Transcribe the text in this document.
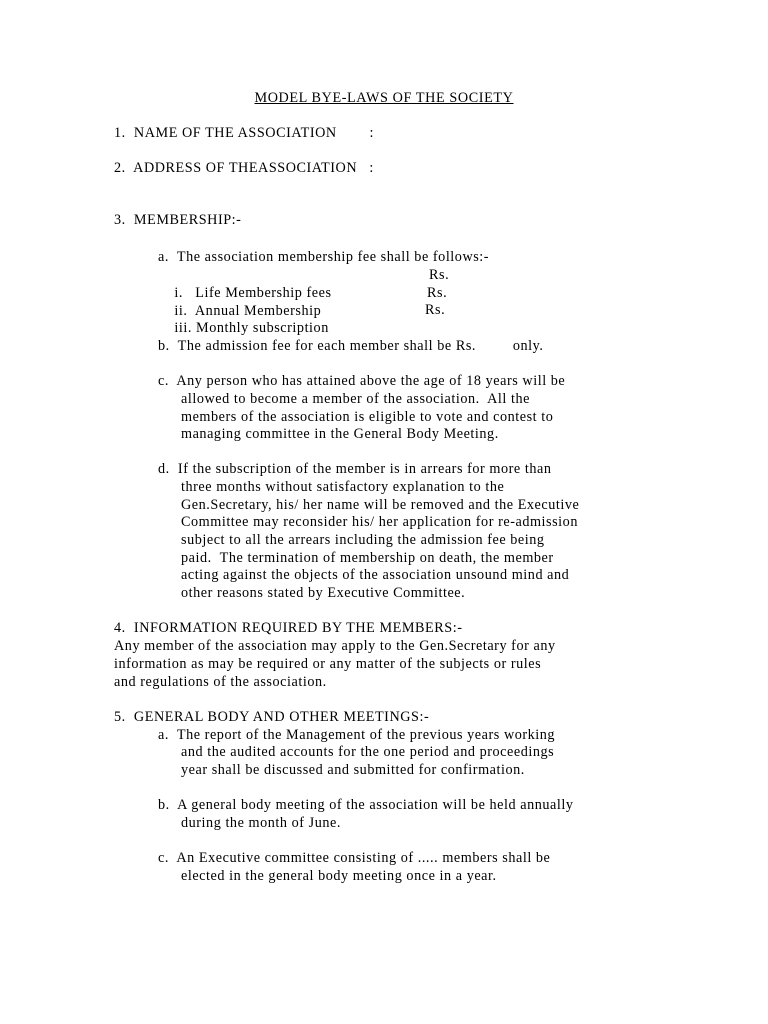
MODEL BYE-LAWS OF THE SOCIETY
1.  NAME OF THE ASSOCIATION        :
2.  ADDRESS OF THEASSOCIATION   :
3.  MEMBERSHIP:-
a.  The association membership fee shall be follows:-

i.   Life Membership fees

Rs.

ii.  Annual Membership

Rs.

iii. Monthly subscription

Rs.
b.  The admission fee for each member shall be Rs.         only.
c.  Any person who has attained above the age of 18 years will be
allowed to become a member of the association.  All the
members of the association is eligible to vote and contest to
managing committee in the General Body Meeting.
d.  If the subscription of the member is in arrears for more than
three months without satisfactory explanation to the
Gen.Secretary, his/ her name will be removed and the Executive
Committee may reconsider his/ her application for re-admission
subject to all the arrears including the admission fee being
paid.  The termination of membership on death, the member
acting against the objects of the association unsound mind and
other reasons stated by Executive Committee.
4.  INFORMATION REQUIRED BY THE MEMBERS:-
Any member of the association may apply to the Gen.Secretary for any
information as may be required or any matter of the subjects or rules
and regulations of the association.
5.  GENERAL BODY AND OTHER MEETINGS:-
a.  The report of the Management of the previous years working
and the audited accounts for the one period and proceedings
year shall be discussed and submitted for confirmation.
b.  A general body meeting of the association will be held annually
during the month of June.
c.  An Executive committee consisting of ..... members shall be
elected in the general body meeting once in a year.
